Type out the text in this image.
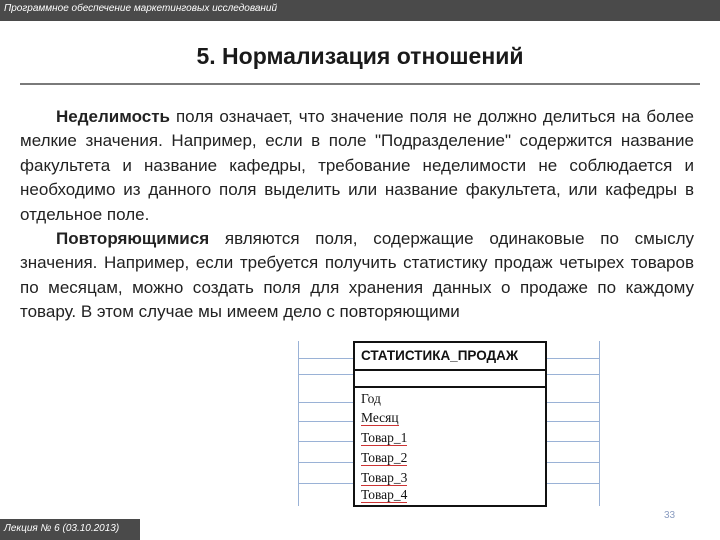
Программное обеспечение маркетинговых исследований
5. Нормализация отношений

Неделимость поля означает, что значение поля не должно делиться на более мелкие значения. Например, если в поле "Подразделение" содержится название факультета и название кафедры, требование неделимости не соблюдается и необходимо из данного поля выделить или название факультета, или кафедры в отдельное поле.

Повторяющимися являются поля, содержащие одинаковые по смыслу значения. Например, если требуется получить статистику продаж четырех товаров по месяцам, можно создать поля для хранения данных о продаже по каждому товару. В этом случае мы имеем дело с повторяющими

СТАТИСТИКА_ПРОДАЖ
Год
Месяц
Товар_1
Товар_2
Товар_3
Товар_4
33
Лекция № 6 (03.10.2013)
